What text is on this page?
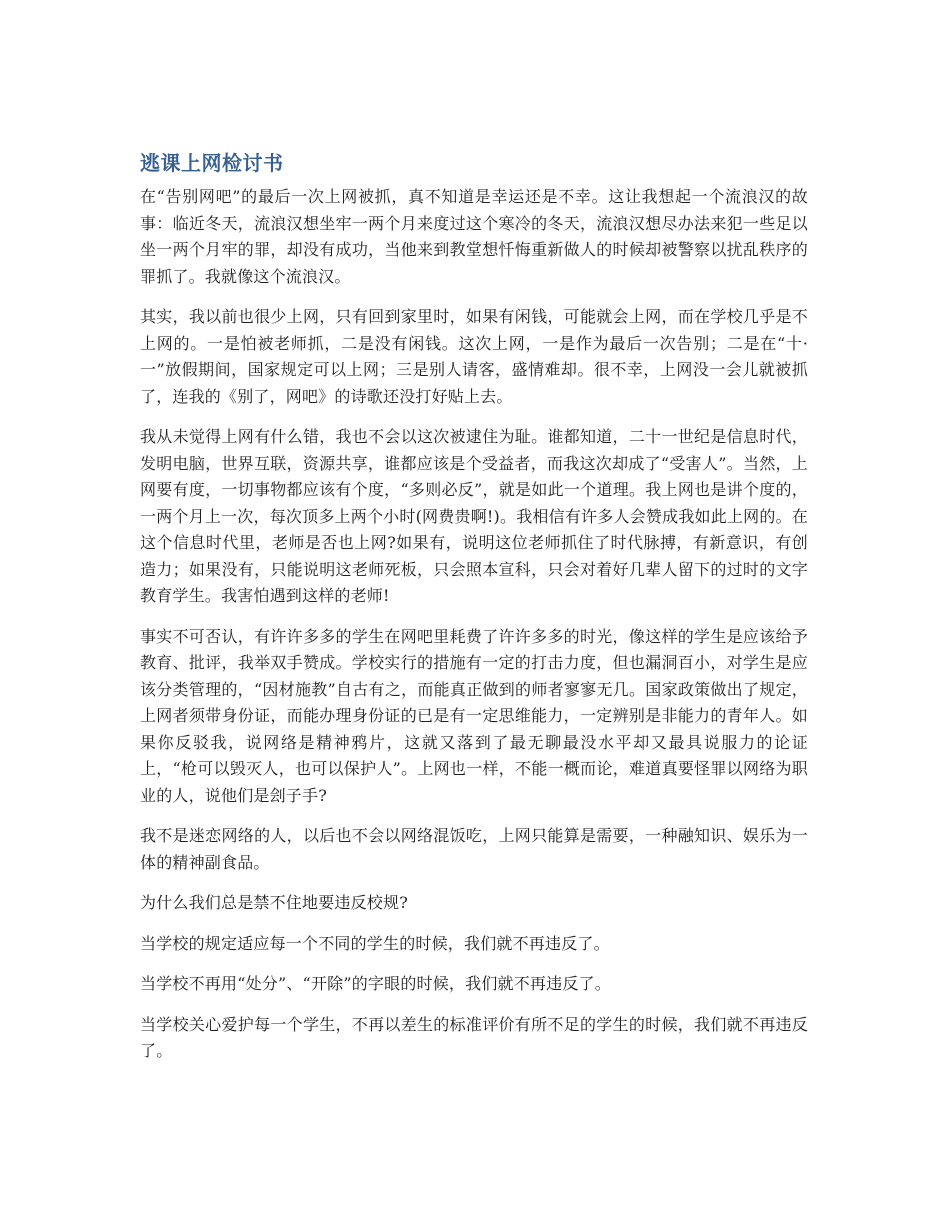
逃课上网检讨书

在“告别网吧”的最后一次上网被抓，真不知道是幸运还是不幸。这让我想起一个流浪汉的故事：临近冬天，流浪汉想坐牢一两个月来度过这个寒冷的冬天，流浪汉想尽办法来犯一些足以坐一两个月牢的罪，却没有成功，当他来到教堂想忏悔重新做人的时候却被警察以扰乱秩序的罪抓了。我就像这个流浪汉。

其实，我以前也很少上网，只有回到家里时，如果有闲钱，可能就会上网，而在学校几乎是不上网的。一是怕被老师抓，二是没有闲钱。这次上网，一是作为最后一次告别；二是在“十·一”放假期间，国家规定可以上网；三是别人请客，盛情难却。很不幸，上网没一会儿就被抓了，连我的《别了，网吧》的诗歌还没打好贴上去。

我从未觉得上网有什么错，我也不会以这次被逮住为耻。谁都知道，二十一世纪是信息时代，发明电脑，世界互联，资源共享，谁都应该是个受益者，而我这次却成了“受害人”。当然，上网要有度，一切事物都应该有个度，“多则必反”，就是如此一个道理。我上网也是讲个度的，一两个月上一次，每次顶多上两个小时(网费贵啊!)。我相信有许多人会赞成我如此上网的。在这个信息时代里，老师是否也上网?如果有，说明这位老师抓住了时代脉搏，有新意识，有创造力；如果没有，只能说明这老师死板，只会照本宣科，只会对着好几辈人留下的过时的文字教育学生。我害怕遇到这样的老师!

事实不可否认，有许许多多的学生在网吧里耗费了许许多多的时光，像这样的学生是应该给予教育、批评，我举双手赞成。学校实行的措施有一定的打击力度，但也漏洞百小，对学生是应该分类管理的，“因材施教”自古有之，而能真正做到的师者寥寥无几。国家政策做出了规定，上网者须带身份证，而能办理身份证的已是有一定思维能力，一定辨别是非能力的青年人。如果你反驳我，说网络是精神鸦片，这就又落到了最无聊最没水平却又最具说服力的论证上，“枪可以毁灭人，也可以保护人”。上网也一样，不能一概而论，难道真要怪罪以网络为职业的人，说他们是刽子手?

我不是迷恋网络的人，以后也不会以网络混饭吃，上网只能算是需要，一种融知识、娱乐为一体的精神副食品。

为什么我们总是禁不住地要违反校规?

当学校的规定适应每一个不同的学生的时候，我们就不再违反了。

当学校不再用“处分”、“开除”的字眼的时候，我们就不再违反了。

当学校关心爱护每一个学生，不再以差生的标准评价有所不足的学生的时候，我们就不再违反了。
